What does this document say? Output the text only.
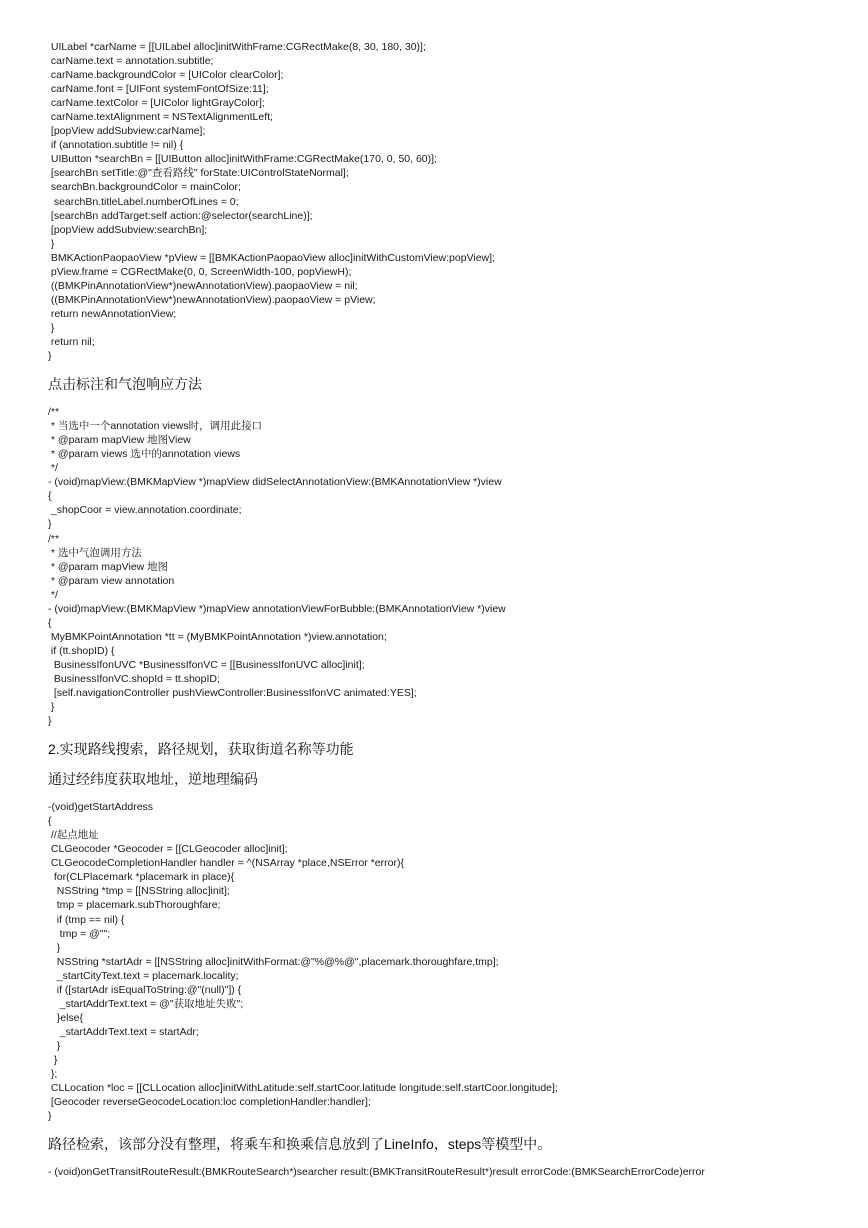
UILabel *carName = [[UILabel alloc]initWithFrame:CGRectMake(8, 30, 180, 30)];
carName.text = annotation.subtitle;
carName.backgroundColor = [UIColor clearColor];
carName.font = [UIFont systemFontOfSize:11];
carName.textColor = [UIColor lightGrayColor];
carName.textAlignment = NSTextAlignmentLeft;
[popView addSubview:carName];
if (annotation.subtitle != nil) {
UIButton *searchBn = [[UIButton alloc]initWithFrame:CGRectMake(170, 0, 50, 60)];
[searchBn setTitle:@"查看路线" forState:UIControlStateNormal];
searchBn.backgroundColor = mainColor;
searchBn.titleLabel.numberOfLines = 0;
[searchBn addTarget:self action:@selector(searchLine)];
[popView addSubview:searchBn];
}
BMKActionPaopaoView *pView = [[BMKActionPaopaoView alloc]initWithCustomView:popView];
pView.frame = CGRectMake(0, 0, ScreenWidth-100, popViewH);
((BMKPinAnnotationView*)newAnnotationView).paopaoView = nil;
((BMKPinAnnotationView*)newAnnotationView).paopaoView = pView;
return newAnnotationView;
}
return nil;
}
点击标注和气泡响应方法
/**
* 当选中一个annotation views时，调用此接口
* @param mapView 地图View
* @param views 选中的annotation views
*/
- (void)mapView:(BMKMapView *)mapView didSelectAnnotationView:(BMKAnnotationView *)view
{
_shopCoor = view.annotation.coordinate;
}
/**
* 选中气泡调用方法
* @param mapView 地图
* @param view annotation
*/
- (void)mapView:(BMKMapView *)mapView annotationViewForBubble:(BMKAnnotationView *)view
{
MyBMKPointAnnotation *tt = (MyBMKPointAnnotation *)view.annotation;
if (tt.shopID) {
BusinessIfonUVC *BusinessIfonVC = [[BusinessIfonUVC alloc]init];
BusinessIfonVC.shopId = tt.shopID;
[self.navigationController pushViewController:BusinessIfonVC animated:YES];
}
}
2.实现路线搜索，路径规划，获取街道名称等功能
通过经纬度获取地址，逆地理编码
-(void)getStartAddress
{
//起点地址
CLGeocoder *Geocoder = [[CLGeocoder alloc]init];
CLGeocodeCompletionHandler handler = ^(NSArray *place,NSError *error){
for(CLPlacemark *placemark in place){
NSString *tmp = [[NSString alloc]init];
tmp = placemark.subThoroughfare;
if (tmp == nil) {
tmp = @"";
}
NSString *startAdr = [[NSString alloc]initWithFormat:@"%@%@",placemark.thoroughfare,tmp];
_startCityText.text = placemark.locality;
if ([startAdr isEqualToString:@"(null)"]) {
_startAddrText.text = @"获取地址失败";
}else{
_startAddrText.text = startAdr;
}
}
};
CLLocation *loc = [[CLLocation alloc]initWithLatitude:self.startCoor.latitude longitude:self.startCoor.longitude];
[Geocoder reverseGeocodeLocation:loc completionHandler:handler];
}
路径检索，该部分没有整理，将乘车和换乘信息放到了LineInfo，steps等模型中。
- (void)onGetTransitRouteResult:(BMKRouteSearch*)searcher result:(BMKTransitRouteResult*)result errorCode:(BMKSearchErrorCode)error
